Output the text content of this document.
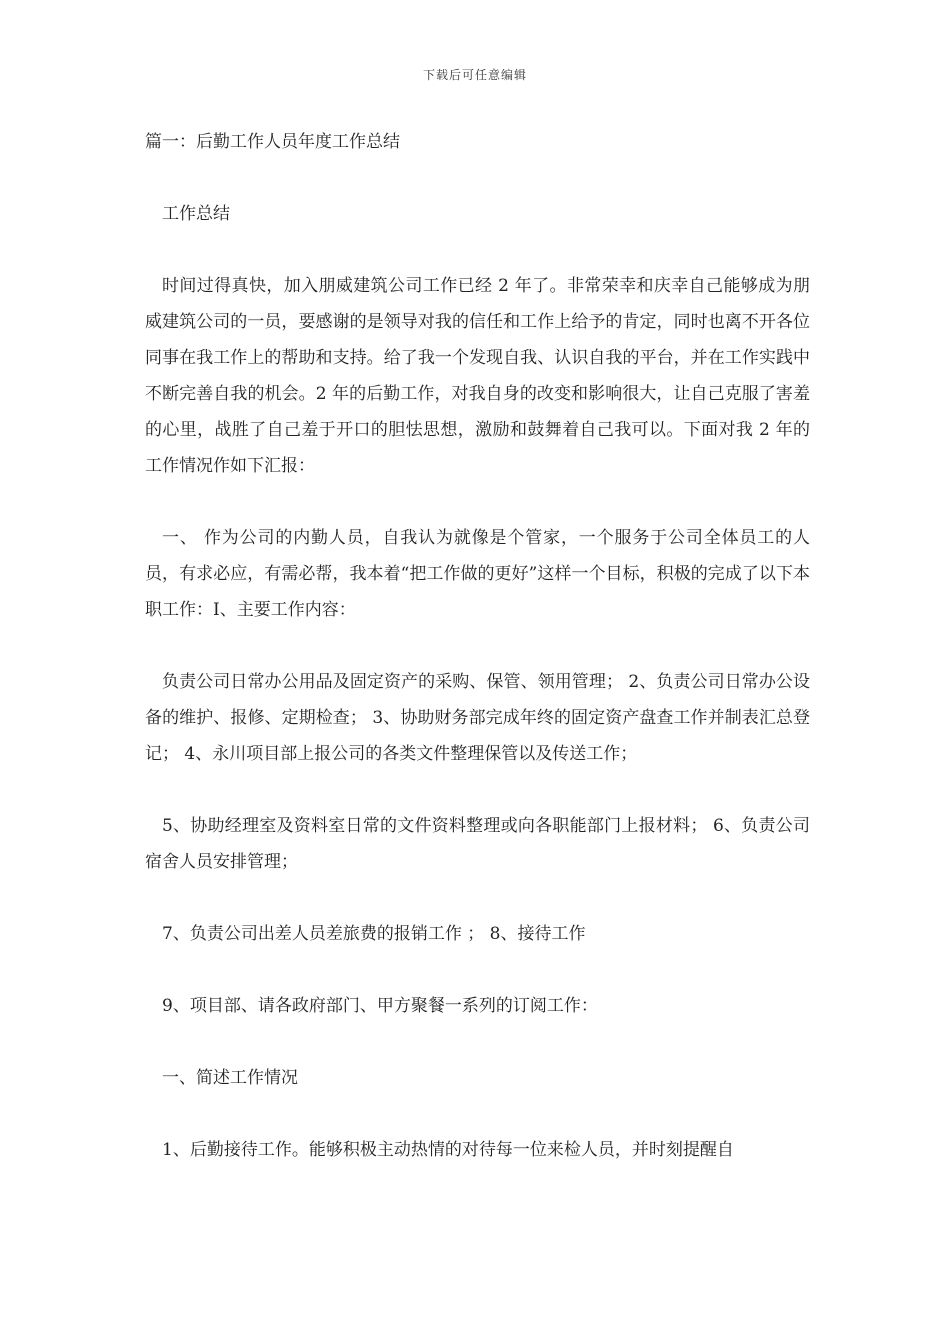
下载后可任意编辑

篇一：后勤工作人员年度工作总结

工作总结

时间过得真快，加入朋威建筑公司工作已经 2 年了。非常荣幸和庆幸自己能够成为朋威建筑公司的一员，要感谢的是领导对我的信任和工作上给予的肯定，同时也离不开各位同事在我工作上的帮助和支持。给了我一个发现自我、认识自我的平台，并在工作实践中不断完善自我的机会。2 年的后勤工作，对我自身的改变和影响很大，让自己克服了害羞的心里，战胜了自己羞于开口的胆怯思想，激励和鼓舞着自己我可以。下面对我 2 年的工作情况作如下汇报：

一、 作为公司的内勤人员，自我认为就像是个管家，一个服务于公司全体员工的人员，有求必应，有需必帮，我本着“把工作做的更好”这样一个目标，积极的完成了以下本职工作：I、主要工作内容：

负责公司日常办公用品及固定资产的采购、保管、领用管理； 2、负责公司日常办公设备的维护、报修、定期检查； 3、协助财务部完成年终的固定资产盘查工作并制表汇总登记； 4、永川项目部上报公司的各类文件整理保管以及传送工作；

5、协助经理室及资料室日常的文件资料整理或向各职能部门上报材料； 6、负责公司宿舍人员安排管理；

7、负责公司出差人员差旅费的报销工作 ； 8、接待工作

9、项目部、请各政府部门、甲方聚餐一系列的订阅工作：

一、简述工作情况

1、后勤接待工作。能够积极主动热情的对待每一位来检人员，并时刻提醒自
